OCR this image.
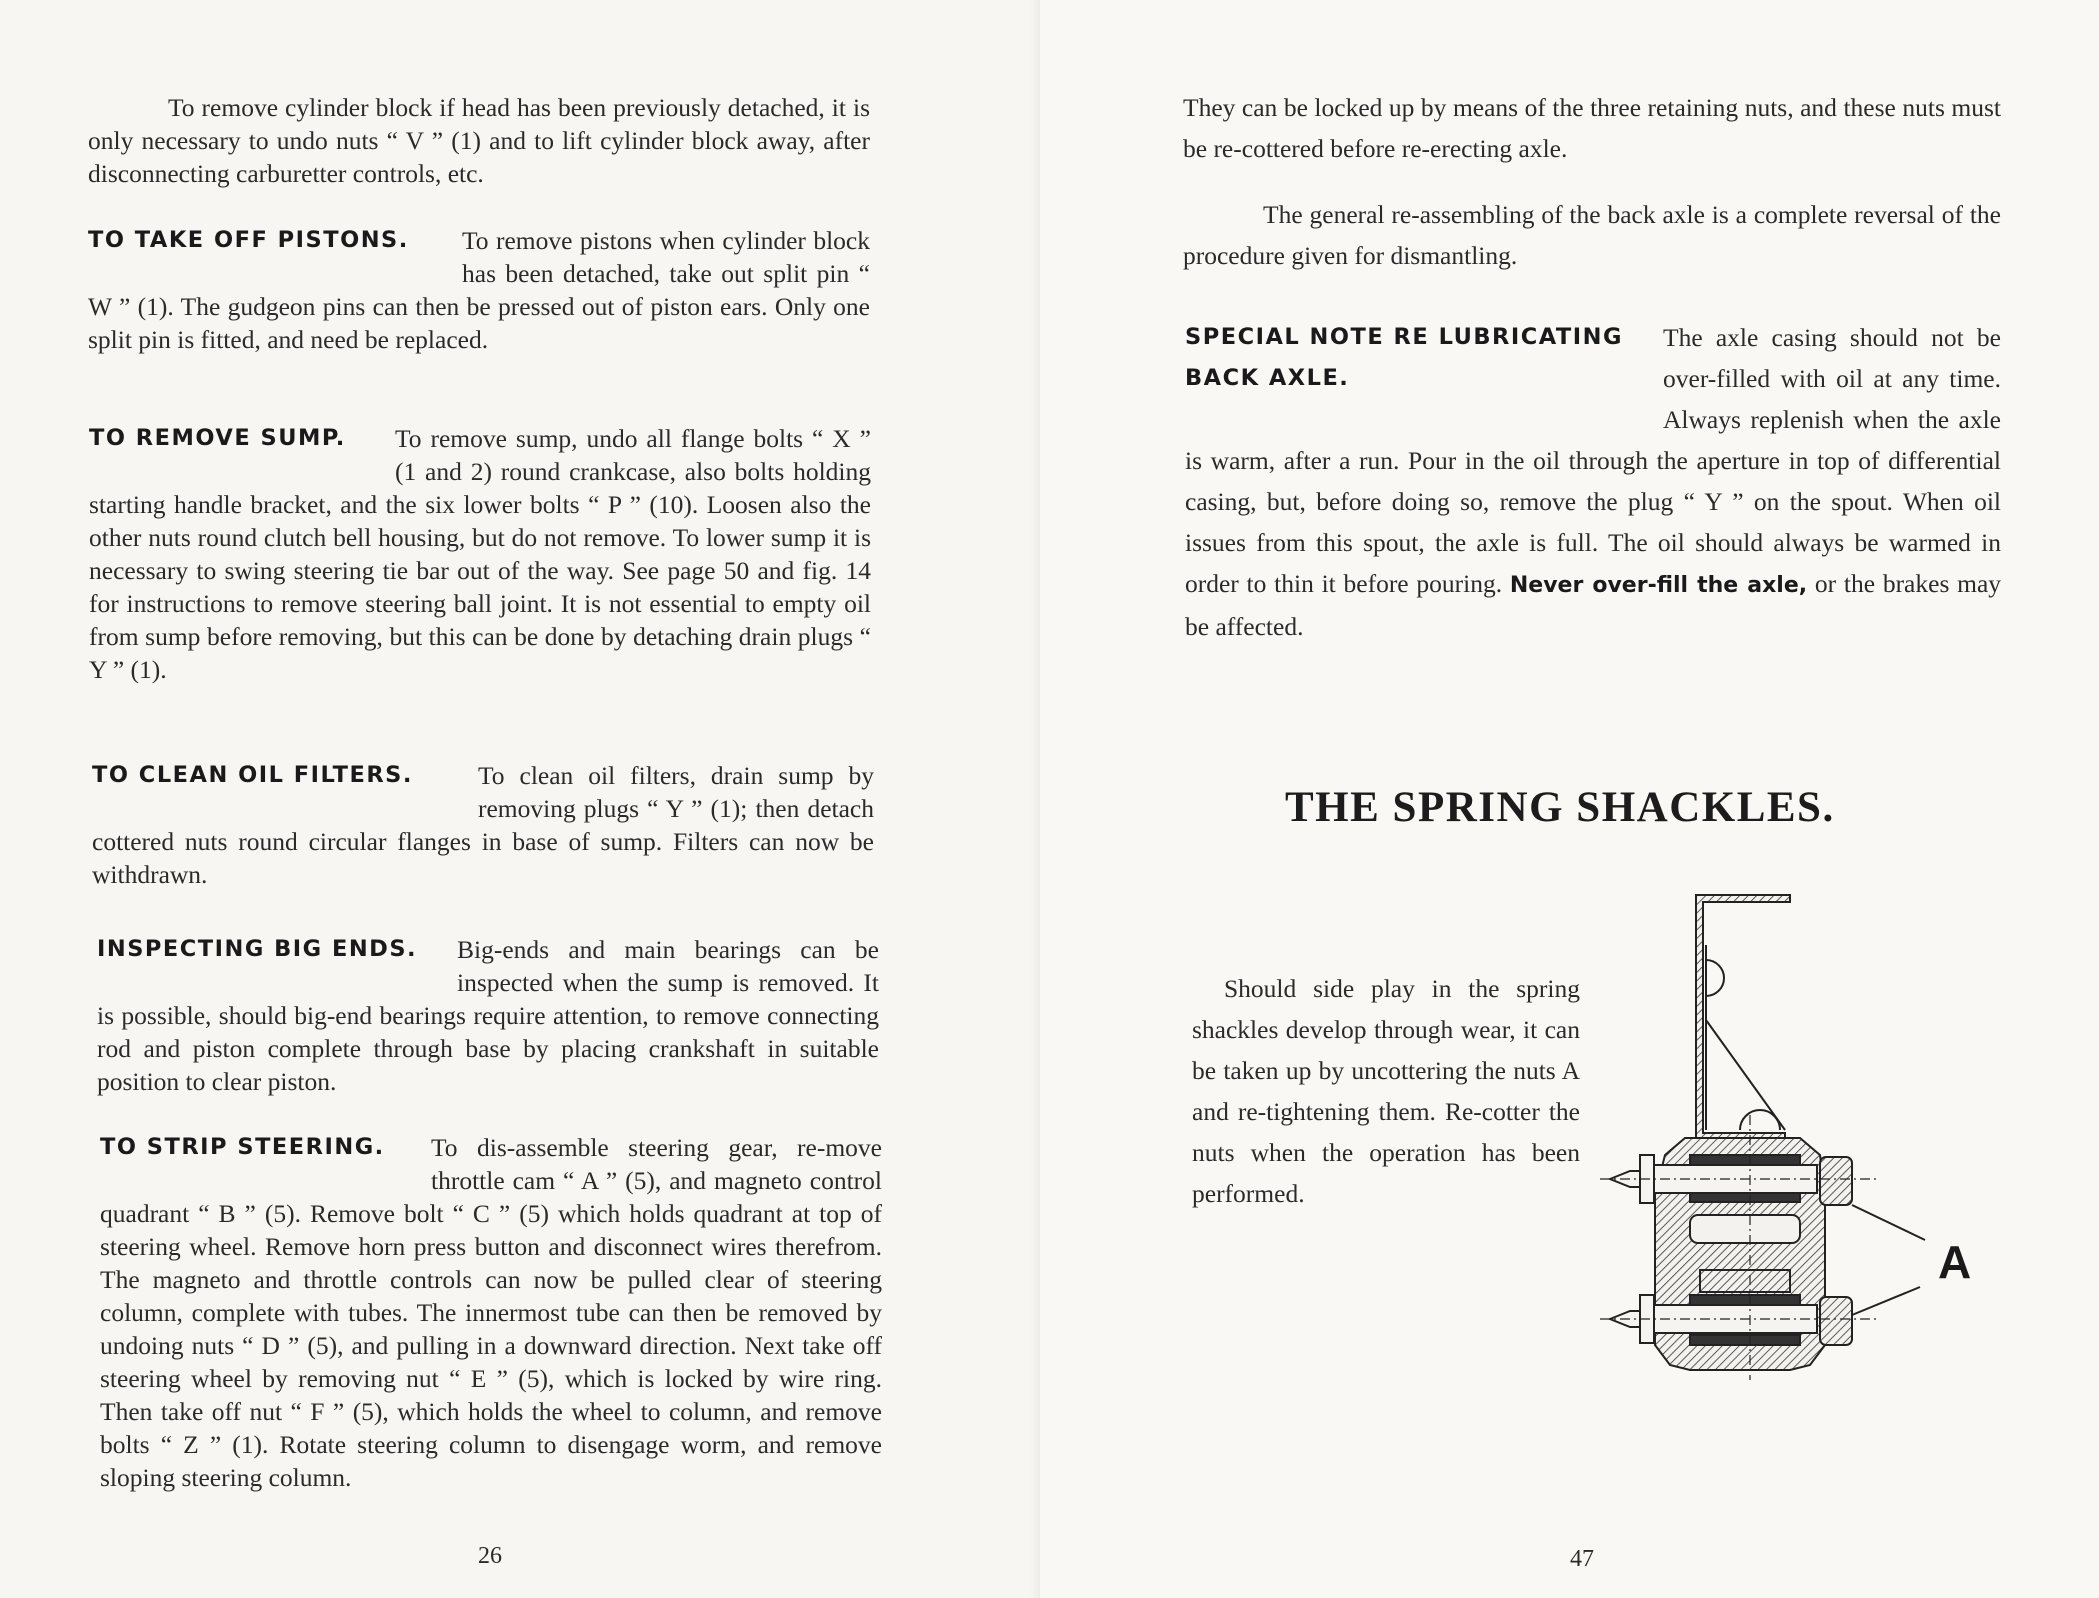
To remove cylinder block if head has been previously detached, it is only necessary to undo nuts “ V ” (1) and to lift cylinder block away, after disconnecting carburetter controls, etc.
TO TAKE OFF PISTONS.	To remove pistons when cylinder block has been detached, take out split pin “ W ” (1). The gudgeon pins can then be pressed out of piston ears. Only one split pin is fitted, and need be replaced.
TO REMOVE SUMP.	To remove sump, undo all flange bolts “ X ” (1 and 2) round crankcase, also bolts holding starting handle bracket, and the six lower bolts “ P ” (10). Loosen also the other nuts round clutch bell housing, but do not remove. To lower sump it is necessary to swing steering tie bar out of the way. See page 50 and fig. 14 for instructions to remove steering ball joint. It is not essential to empty oil from sump before removing, but this can be done by detaching drain plugs “ Y ” (1).
TO CLEAN OIL FILTERS.	To clean oil filters, drain sump by removing plugs “ Y ” (1); then detach cottered nuts round circular flanges in base of sump. Filters can now be withdrawn.
INSPECTING BIG ENDS.	Big-ends and main bearings can be inspected when the sump is removed. It is possible, should big-end bearings require attention, to remove connecting rod and piston complete through base by placing crankshaft in suitable position to clear piston.
TO STRIP STEERING.	To dis-assemble steering gear, re-move throttle cam “ A ” (5), and magneto control quadrant “ B ” (5). Remove bolt “ C ” (5) which holds quadrant at top of steering wheel. Remove horn press button and disconnect wires therefrom. The magneto and throttle controls can now be pulled clear of steering column, complete with tubes. The innermost tube can then be removed by undoing nuts “ D ” (5), and pulling in a downward direction. Next take off steering wheel by removing nut “ E ” (5), which is locked by wire ring. Then take off nut “ F ” (5), which holds the wheel to column, and remove bolts “ Z ” (1). Rotate steering column to disengage worm, and remove sloping steering column.
26
They can be locked up by means of the three retaining nuts, and these nuts must be re-cottered before re-erecting axle.
The general re-assembling of the back axle is a complete reversal of the procedure given for dismantling.
SPECIAL NOTE RE LUBRICATING BACK AXLE.
The axle casing should not be over-filled with oil at any time. Always replenish when the axle is warm, after a run. Pour in the oil through the aperture in top of differential casing, but, before doing so, remove the plug “ Y ” on the spout. When oil issues from this spout, the axle is full. The oil should always be warmed in order to thin it before pouring. Never over-fill the axle, or the brakes may be affected.
THE SPRING SHACKLES.
Should side play in the spring shackles develop through wear, it can be taken up by uncottering the nuts A and re-tightening them. Re-cotter the nuts when the operation has been performed.
A
47
